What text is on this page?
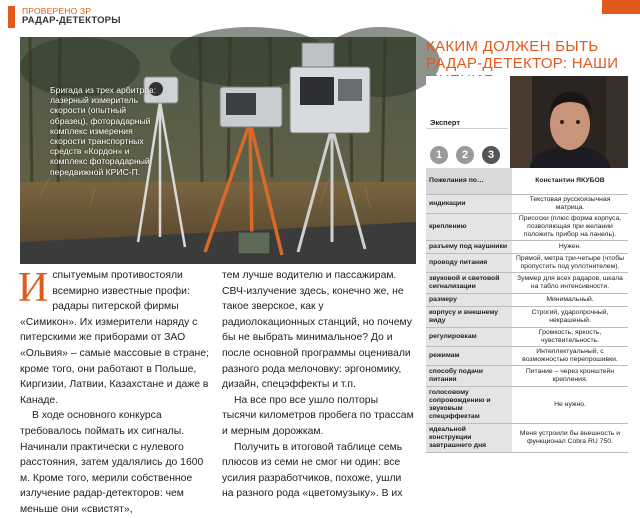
ПРОВЕРЕНО ЗР
РАДАР-ДЕТЕКТОРЫ
Бригада из трех арбитров: лазерный измеритель скорости (опытный образец), фоторадарный комплекс измерения скорости транспортных средств «Кордон» и комплекс фоторадарный передвижной КРИС-П.
И спытуемым противостояли всемирно известные профи: радары питерской фирмы «Симикон». Их измерители наряду с питерскими же приборами от ЗАО «Ольвия» – самые массовые в стране; кроме того, они работают в Польше, Киргизии, Латвии, Казахстане и даже в Канаде.

В ходе основного конкурса требовалось поймать их сигналы. Начинали практически с нулевого расстояния, затем удалялись до 1600 м. Кроме того, мерили собственное излучение радар-детекторов: чем меньше они «свистят»,

тем лучше водителю и пассажирам. СВЧ-излучение здесь, конечно же, не такое зверское, как у радиолокационных станций, но почему бы не выбрать минимальное? До и после основной программы оценивали разного рода мелочовку: эргономику, дизайн, спецэффекты и т.п.

На все про все ушло полторы тысячи километров пробега по трассам и мерным дорожкам.

Получить в итоговой таблице семь плюсов из семи не смог ни один: все усилия разработчиков, похоже, ушли на разного рода «цветомузыку». В их

КАКИМ ДОЛЖЕН БЫТЬ РАДАР-ДЕТЕКТОР: НАШИ
Эксперт
1	2	3
Пожелания по…	Константин ЯКУБОВ
индикации	Текстовая русскоязычная матрица.
креплению	Присоски (плюс форма корпуса, позволяющая при желании положить прибор на панель).
разъему под наушники	Нужен.
проводу питания	Прямой, метра три-четыре (чтобы пропустить под уплотнителем).
звуковой и световой сигнализации	Зуммер для всех радаров, шкала на табло интенсивности.
размеру	Минимальный.
корпусу и внешнему виду	Строгий, ударопрочный, некрашеный.
регулировкам	Громкость, яркость, чувствительность.
режимам	Интеллектуальный, с возможностью перепрошивки.
способу подачи питания	Питание – через кронштейн крепления.
голосовому сопровождению и звуковым спецэффектам	Не нужно.
идеальной конструкции завтрашнего дня	Меня устроили бы внешность и функционал Cobra RU 750.
